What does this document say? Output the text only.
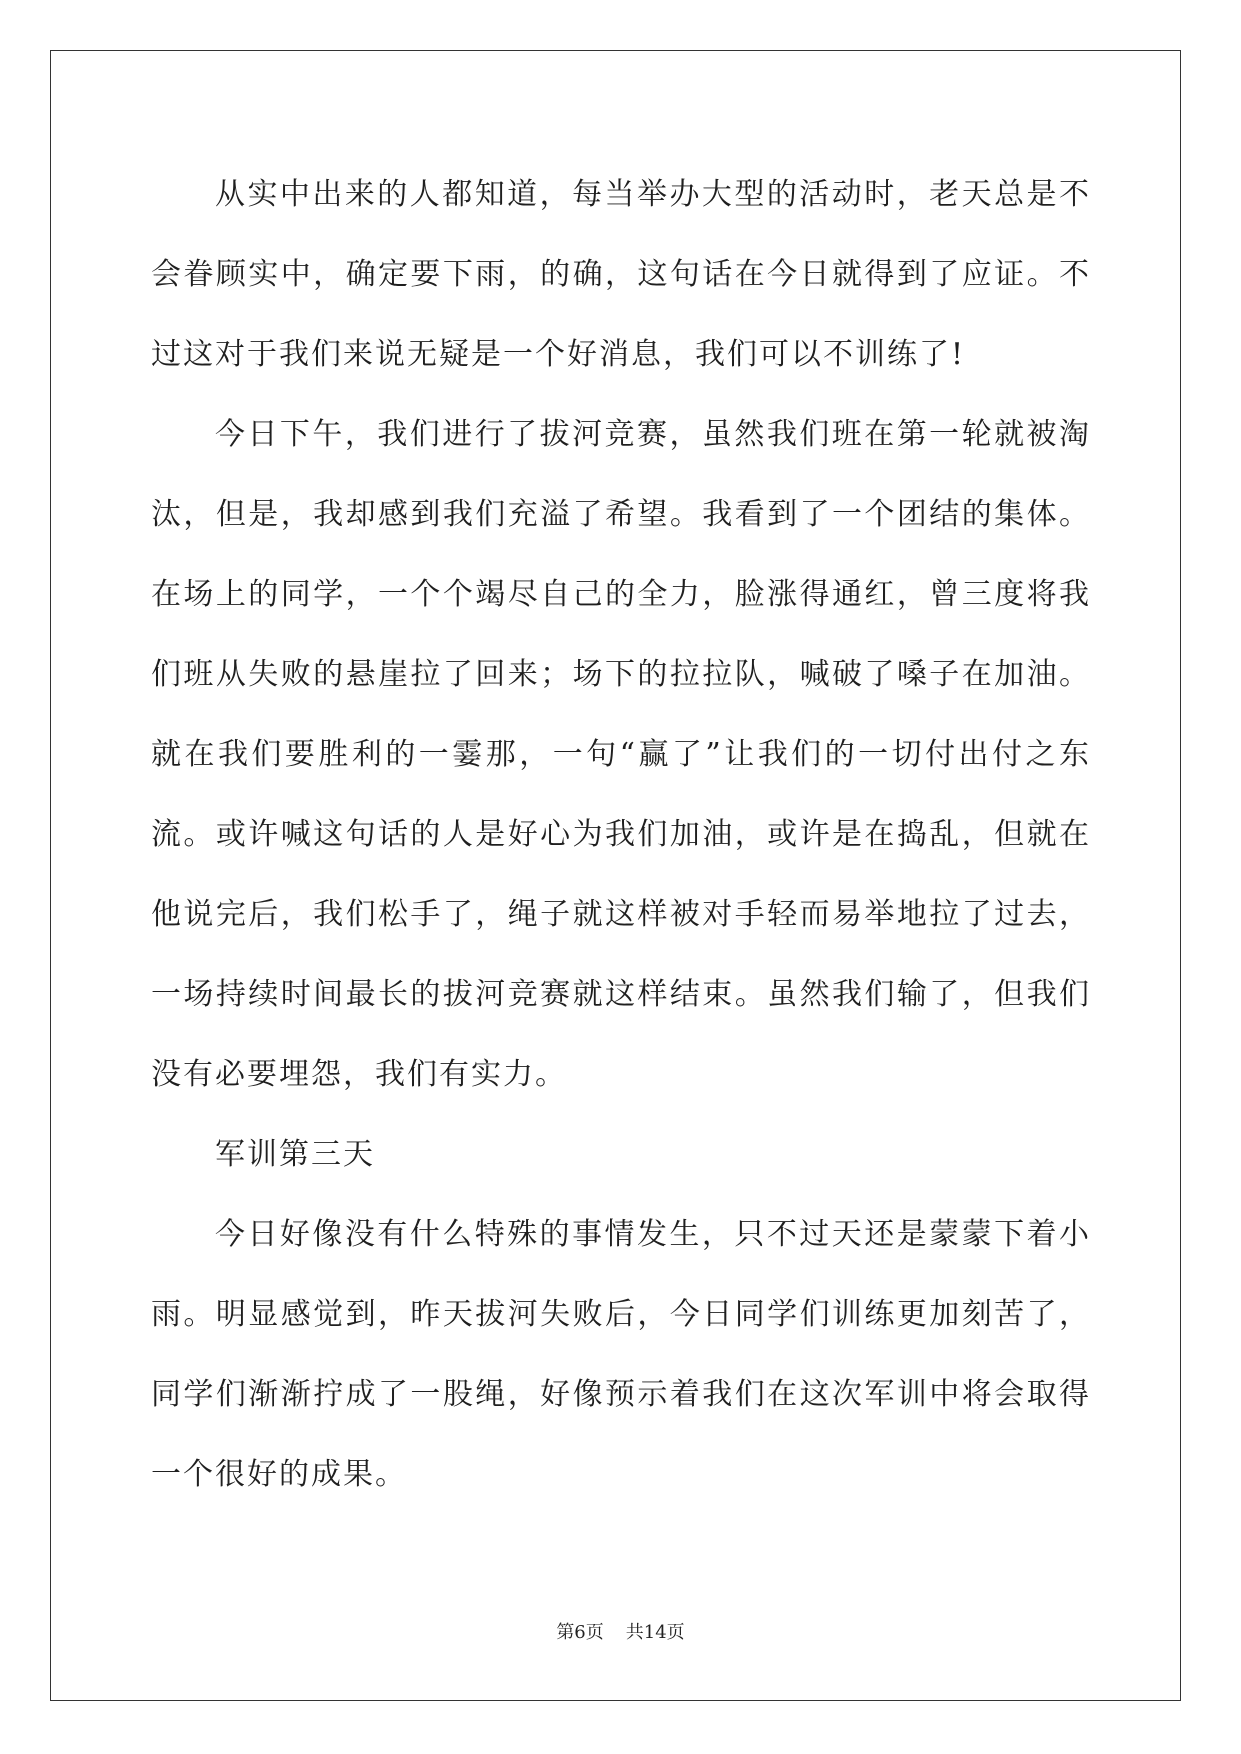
从实中出来的人都知道，每当举办大型的活动时，老天总是不会眷顾实中，确定要下雨，的确，这句话在今日就得到了应证。不过这对于我们来说无疑是一个好消息，我们可以不训练了!

今日下午，我们进行了拔河竞赛，虽然我们班在第一轮就被淘汰，但是，我却感到我们充溢了希望。我看到了一个团结的集体。在场上的同学，一个个竭尽自己的全力，脸涨得通红，曾三度将我们班从失败的悬崖拉了回来；场下的拉拉队，喊破了嗓子在加油。就在我们要胜利的一霎那，一句“赢了”让我们的一切付出付之东流。或许喊这句话的人是好心为我们加油，或许是在捣乱，但就在他说完后，我们松手了，绳子就这样被对手轻而易举地拉了过去，一场持续时间最长的拔河竞赛就这样结束。虽然我们输了，但我们没有必要埋怨，我们有实力。

军训第三天

今日好像没有什么特殊的事情发生，只不过天还是蒙蒙下着小雨。明显感觉到，昨天拔河失败后，今日同学们训练更加刻苦了，同学们渐渐拧成了一股绳，好像预示着我们在这次军训中将会取得一个很好的成果。

第6页 共14页
